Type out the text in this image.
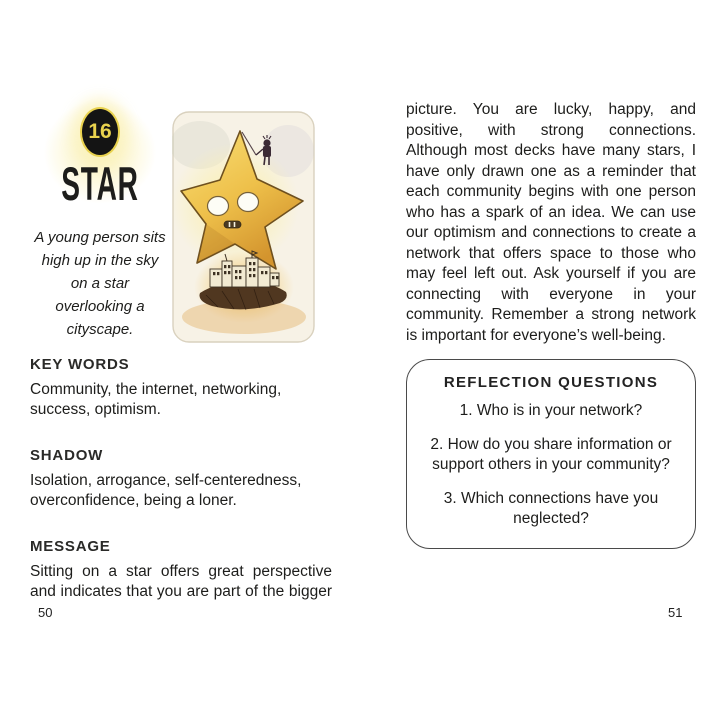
16
STAR
A young person sits high up in the sky on a star overlooking a cityscape.
KEY WORDS

Community, the internet, networking, success, optimism.

SHADOW

Isolation, arrogance, self-centeredness, overconfidence, being a loner.

MESSAGE

Sitting on a star offers great perspective and indicates that you are part of the bigger

picture. You are lucky, happy, and positive, with strong connections. Although most decks have many stars, I have only drawn one as a reminder that each community begins with one person who has a spark of an idea. We can use our optimism and connections to create a network that offers space to those who may feel left out. Ask yourself if you are connecting with everyone in your community. Remember a strong network is important for everyone’s well-being.

REFLECTION QUESTIONS

1. Who is in your network?

2. How do you share information or support others in your community?

3. Which connections have you neglected?

50	51
